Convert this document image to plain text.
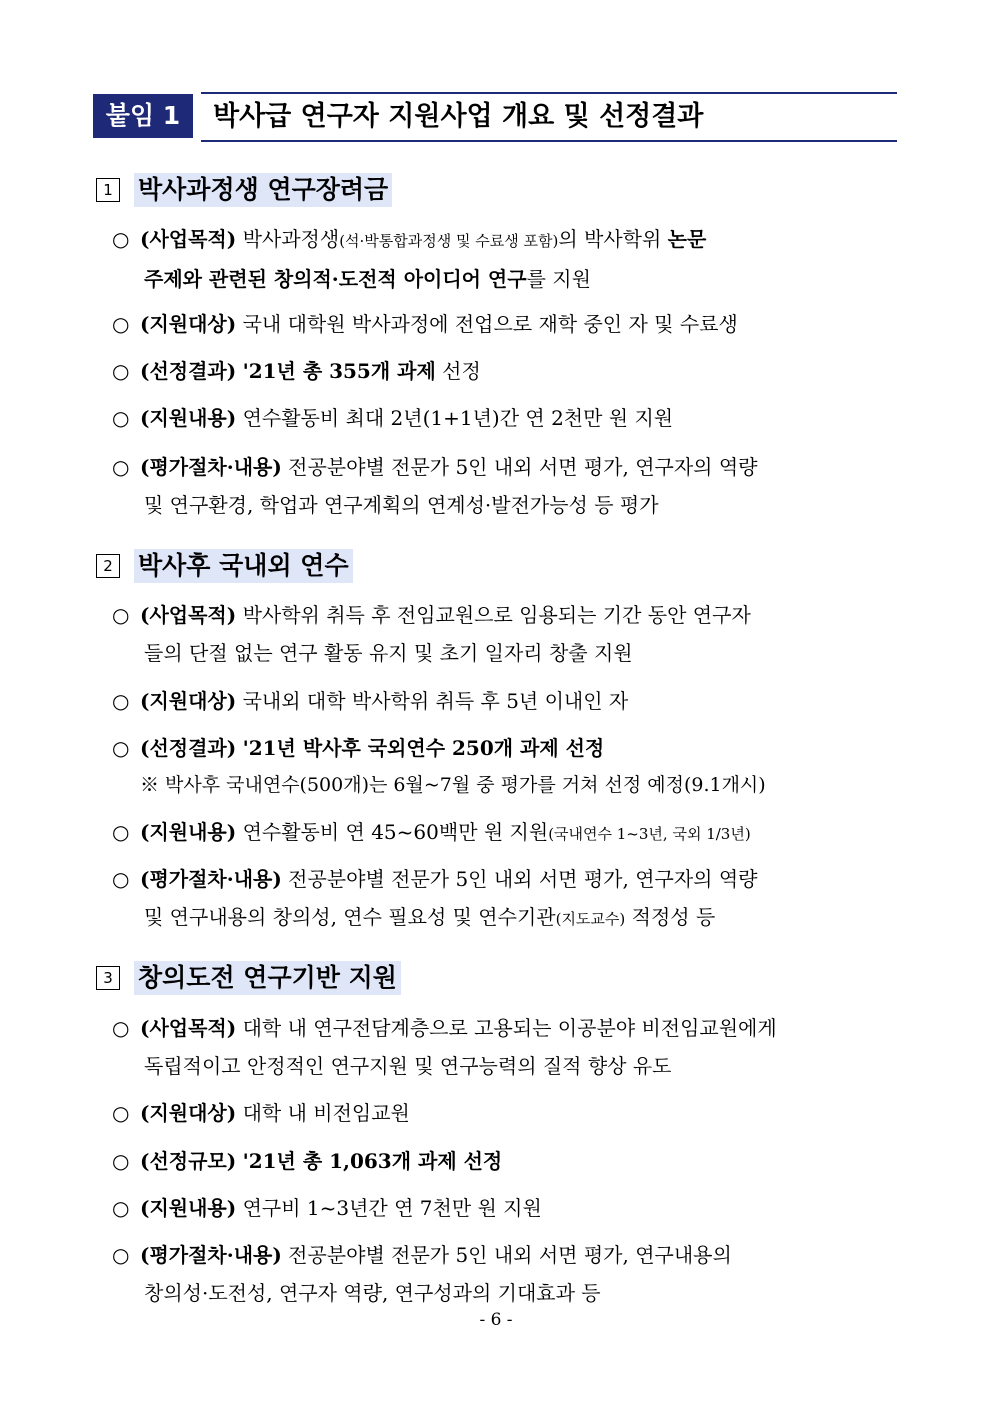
붙임 1	박사급 연구자 지원사업 개요 및 선정결과
1 박사과정생 연구장려금
○ (사업목적) 박사과정생(석·박통합과정생 및 수료생 포함)의 박사학위 논문
주제와 관련된 창의적·도전적 아이디어 연구를 지원
○ (지원대상) 국내 대학원 박사과정에 전업으로 재학 중인 자 및 수료생
○ (선정결과) '21년 총 355개 과제 선정
○ (지원내용) 연수활동비 최대 2년(1+1년)간 연 2천만 원 지원
○ (평가절차·내용) 전공분야별 전문가 5인 내외 서면 평가, 연구자의 역량
및 연구환경, 학업과 연구계획의 연계성·발전가능성 등 평가
2 박사후 국내외 연수
○ (사업목적) 박사학위 취득 후 전임교원으로 임용되는 기간 동안 연구자
들의 단절 없는 연구 활동 유지 및 초기 일자리 창출 지원
○ (지원대상) 국내외 대학 박사학위 취득 후 5년 이내인 자
○ (선정결과) '21년 박사후 국외연수 250개 과제 선정
※ 박사후 국내연수(500개)는 6월~7월 중 평가를 거쳐 선정 예정(9.1개시)
○ (지원내용) 연수활동비 연 45~60백만 원 지원(국내연수 1~3년, 국외 1/3년)
○ (평가절차·내용) 전공분야별 전문가 5인 내외 서면 평가, 연구자의 역량
및 연구내용의 창의성, 연수 필요성 및 연수기관(지도교수) 적정성 등
3 창의도전 연구기반 지원
○ (사업목적) 대학 내 연구전담계층으로 고용되는 이공분야 비전임교원에게
독립적이고 안정적인 연구지원 및 연구능력의 질적 향상 유도
○ (지원대상) 대학 내 비전임교원
○ (선정규모) '21년 총 1,063개 과제 선정
○ (지원내용) 연구비 1~3년간 연 7천만 원 지원
○ (평가절차·내용) 전공분야별 전문가 5인 내외 서면 평가, 연구내용의
창의성·도전성, 연구자 역량, 연구성과의 기대효과 등
- 6 -
